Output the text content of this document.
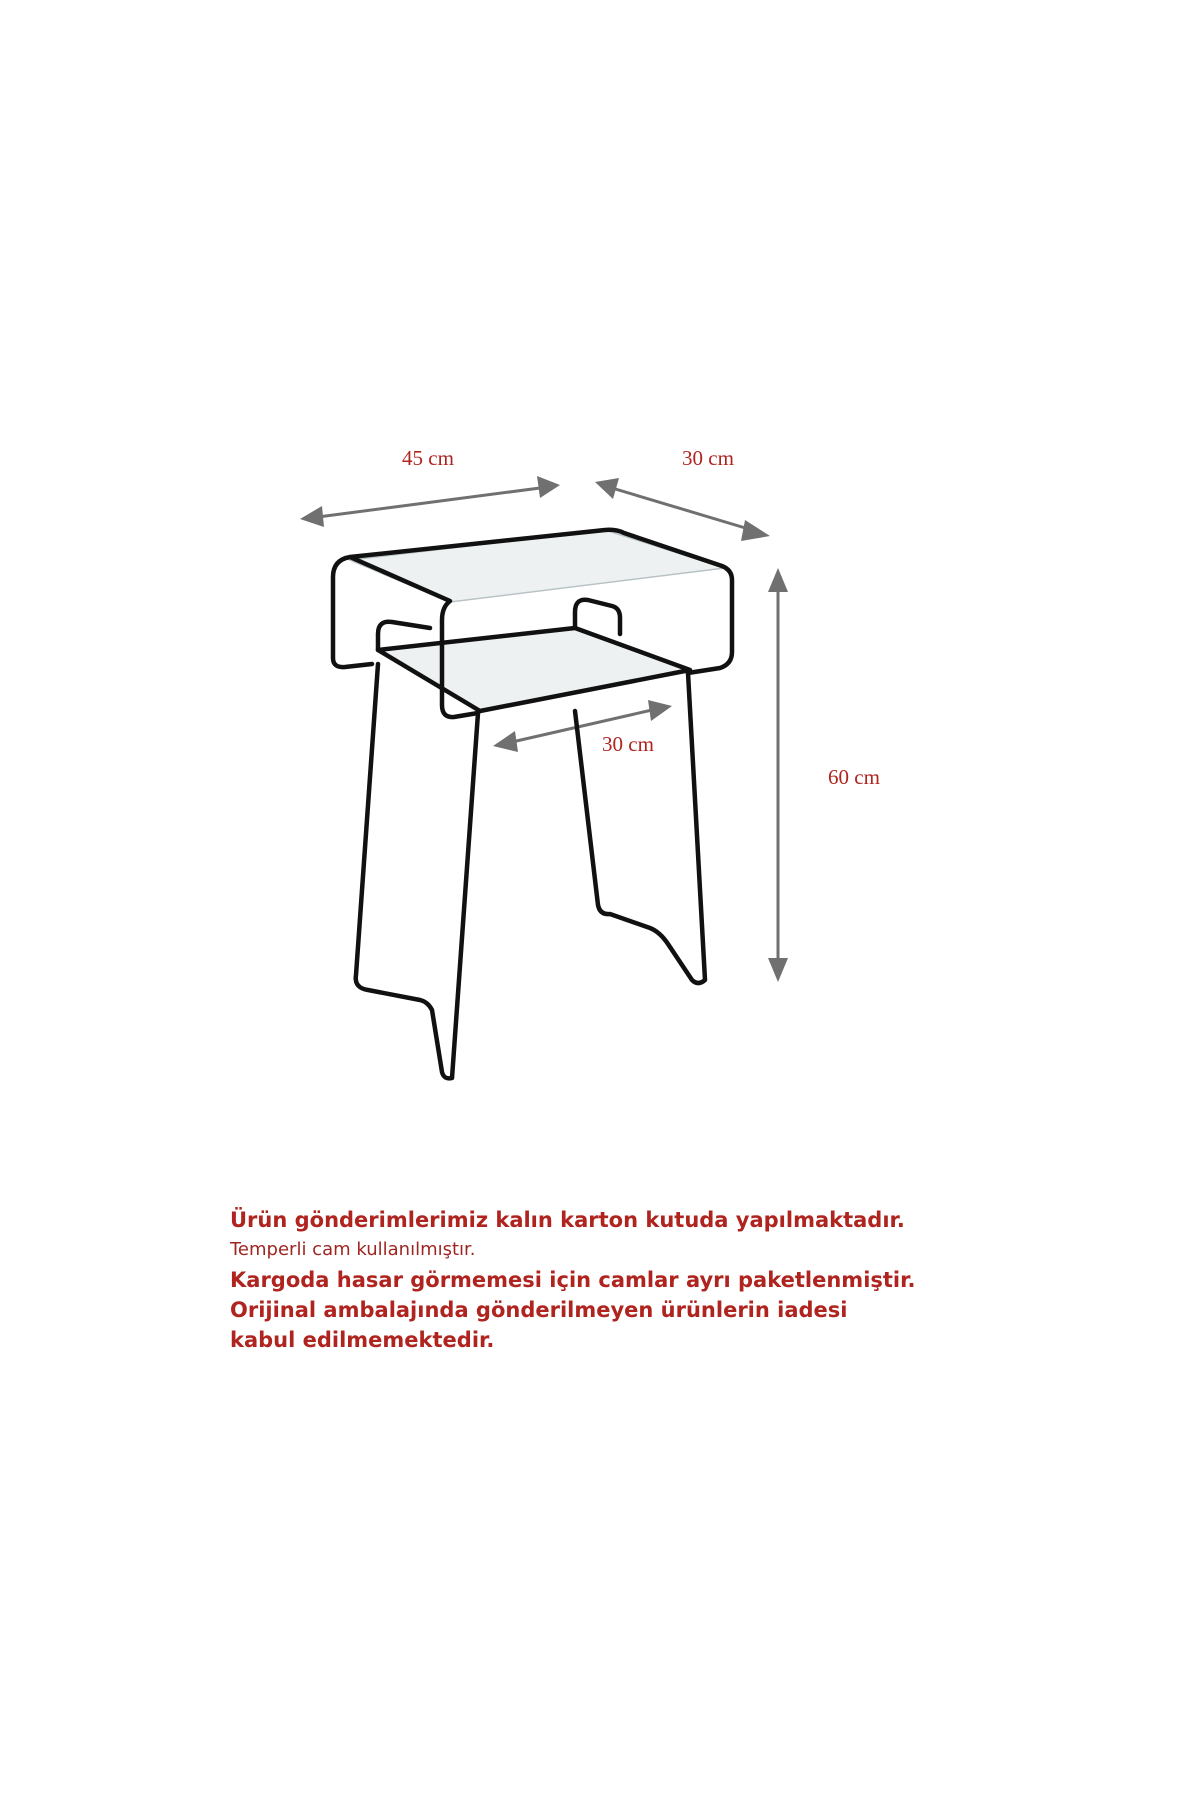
45 cm	30 cm
30 cm
60 cm
Ürün gönderimlerimiz kalın karton kutuda yapılmaktadır.
Temperli cam kullanılmıştır.
Kargoda hasar görmemesi için camlar ayrı paketlenmiştir.
Orijinal ambalajında gönderilmeyen ürünlerin iadesi
kabul edilmemektedir.
